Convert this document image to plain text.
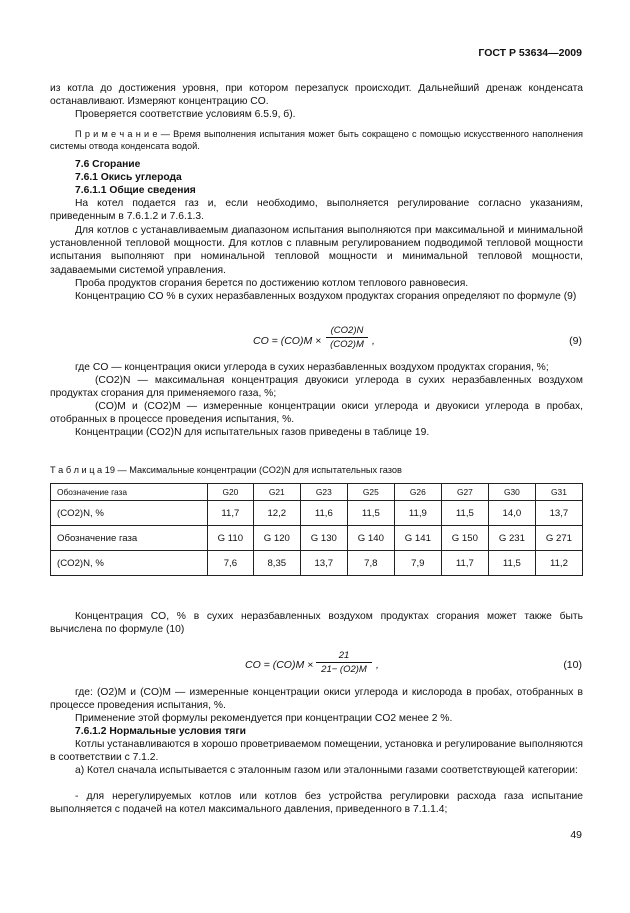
ГОСТ Р 53634—2009
из котла до достижения уровня, при котором перезапуск происходит. Дальнейший дренаж конденсата останавливают. Измеряют концентрацию CO.
Проверяется соответствие условиям 6.5.9, б).
П р и м е ч а н и е — Время выполнения испытания может быть сокращено с помощью искусственного наполнения системы отвода конденсата водой.
7.6 Сгорание
7.6.1 Окись углерода
7.6.1.1 Общие сведения
На котел подается газ и, если необходимо, выполняется регулирование согласно указаниям, приведенным в 7.6.1.2 и 7.6.1.3.
Для котлов с устанавливаемым диапазоном испытания выполняются при максимальной и минимальной установленной тепловой мощности. Для котлов с плавным регулированием подводимой тепловой мощности испытания выполняют при номинальной тепловой мощности и минимальной тепловой мощности, задаваемыми системой управления.
Проба продуктов сгорания берется по достижению котлом теплового равновесия.
Концентрацию CO % в сухих неразбавленных воздухом продуктах сгорания определяют по формуле (9)
CO = (CO)M ×
(CO2)N
(CO2)M ,	(9)
где CO — концентрация окиси углерода в сухих неразбавленных воздухом продуктах сгорания, %;
(CO2)N — максимальная концентрация двуокиси углерода в сухих неразбавленных воздухом продуктах сгорания для применяемого газа, %;
(CO)M и (CO2)M — измеренные концентрации окиси углерода и двуокиси углерода в пробах, отобранных в процессе проведения испытания, %.
Концентрации (CO2)N для испытательных газов приведены в таблице 19.
Т а б л и ц а 19 — Максимальные концентрации (CO2)N для испытательных газов
Обозначение газа	G20	G21	G23	G25	G26	G27	G30	G31
(CO2)N, %	11,7	12,2	11,6	11,5	11,9	11,5	14,0	13,7
Обозначение газа	G 110	G 120	G 130	G 140	G 141	G 150	G 231	G 271
(CO2)N, %	7,6	8,35	13,7	7,8	7,9	11,7	11,5	11,2
Концентрация CO, % в сухих неразбавленных воздухом продуктах сгорания может также быть вычислена по формуле (10)
CO = (CO)M ×
21
21− (O2)M ,	(10)
где: (O2)M и (CO)M — измеренные концентрации окиси углерода и кислорода в пробах, отобранных в процессе проведения испытания, %.
Применение этой формулы рекомендуется при концентрации CO2 менее 2 %.
7.6.1.2 Нормальные условия тяги
Котлы устанавливаются в хорошо проветриваемом помещении, установка и регулирование выполняются в соответствии с 7.1.2.
а) Котел сначала испытывается с эталонным газом или эталонными газами соответствующей категории:
- для нерегулируемых котлов или котлов без устройства регулировки расхода газа испытание выполняется с подачей на котел максимального давления, приведенного в 7.1.1.4;
49
